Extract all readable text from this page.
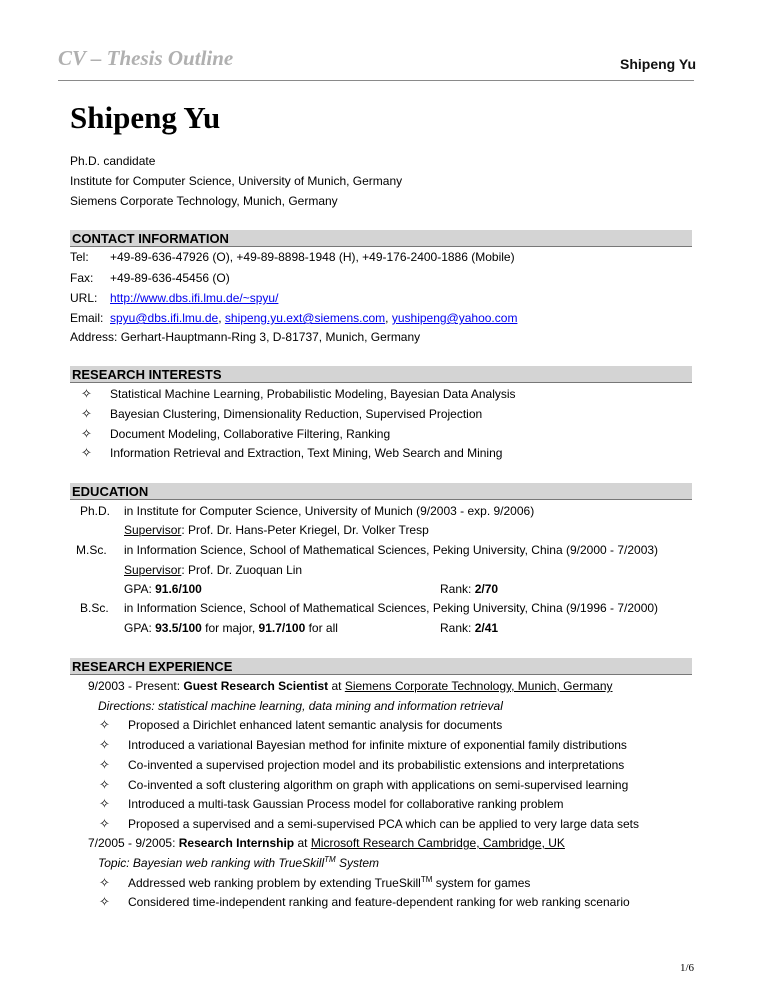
CV – Thesis Outline	Shipeng Yu
Shipeng Yu
Ph.D. candidate
Institute for Computer Science, University of Munich, Germany
Siemens Corporate Technology, Munich, Germany
CONTACT INFORMATION
Tel: +49-89-636-47926 (O), +49-89-8898-1948 (H), +49-176-2400-1886 (Mobile)
Fax: +49-89-636-45456 (O)
URL: http://www.dbs.ifi.lmu.de/~spyu/
Email: spyu@dbs.ifi.lmu.de, shipeng.yu.ext@siemens.com, yushipeng@yahoo.com
Address: Gerhart-Hauptmann-Ring 3, D-81737, Munich, Germany
RESEARCH INTERESTS
✧ Statistical Machine Learning, Probabilistic Modeling, Bayesian Data Analysis
✧ Bayesian Clustering, Dimensionality Reduction, Supervised Projection
✧ Document Modeling, Collaborative Filtering, Ranking
✧ Information Retrieval and Extraction, Text Mining, Web Search and Mining
EDUCATION
Ph.D. in Institute for Computer Science, University of Munich (9/2003 - exp. 9/2006)
Supervisor: Prof. Dr. Hans-Peter Kriegel, Dr. Volker Tresp
M.Sc. in Information Science, School of Mathematical Sciences, Peking University, China (9/2000 - 7/2003)
Supervisor: Prof. Dr. Zuoquan Lin
GPA: 91.6/100	Rank: 2/70
B.Sc. in Information Science, School of Mathematical Sciences, Peking University, China (9/1996 - 7/2000)
GPA: 93.5/100 for major, 91.7/100 for all	Rank: 2/41
RESEARCH EXPERIENCE
9/2003 - Present: Guest Research Scientist at Siemens Corporate Technology, Munich, Germany
Directions: statistical machine learning, data mining and information retrieval
✧ Proposed a Dirichlet enhanced latent semantic analysis for documents
✧ Introduced a variational Bayesian method for infinite mixture of exponential family distributions
✧ Co-invented a supervised projection model and its probabilistic extensions and interpretations
✧ Co-invented a soft clustering algorithm on graph with applications on semi-supervised learning
✧ Introduced a multi-task Gaussian Process model for collaborative ranking problem
✧ Proposed a supervised and a semi-supervised PCA which can be applied to very large data sets
7/2005 - 9/2005: Research Internship at Microsoft Research Cambridge, Cambridge, UK
Topic: Bayesian web ranking with TrueSkill™ System
✧ Addressed web ranking problem by extending TrueSkill™ system for games
✧ Considered time-independent ranking and feature-dependent ranking for web ranking scenario
1/6
